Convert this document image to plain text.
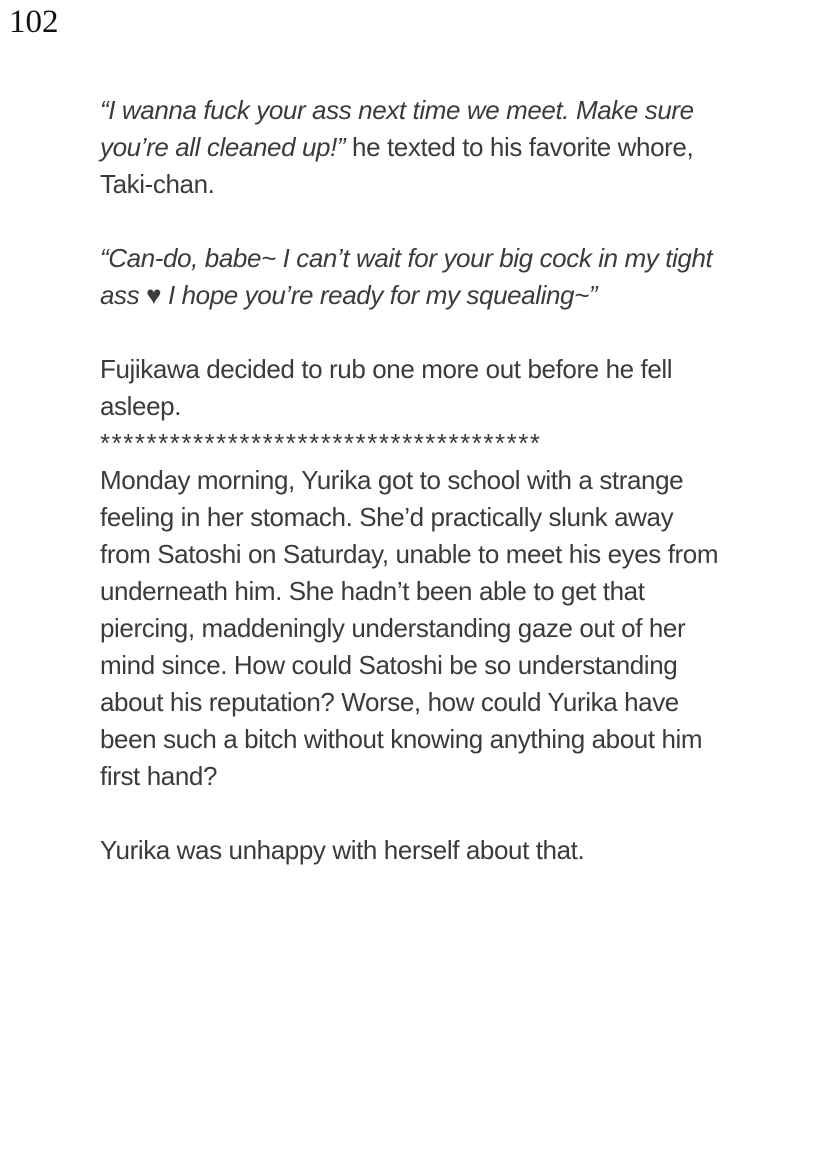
102

“I wanna fuck your ass next time we meet. Make sure you’re all cleaned up!” he texted to his favorite whore, Taki-chan.

“Can-do, babe~ I can’t wait for your big cock in my tight ass ♥ I hope you’re ready for my squealing~”

Fujikawa decided to rub one more out before he fell asleep.

**************************************

Monday morning, Yurika got to school with a strange feeling in her stomach. She’d practically slunk away from Satoshi on Saturday, unable to meet his eyes from underneath him. She hadn’t been able to get that piercing, maddeningly understanding gaze out of her mind since. How could Satoshi be so understanding about his reputation? Worse, how could Yurika have been such a bitch without knowing anything about him first hand?

Yurika was unhappy with herself about that.
